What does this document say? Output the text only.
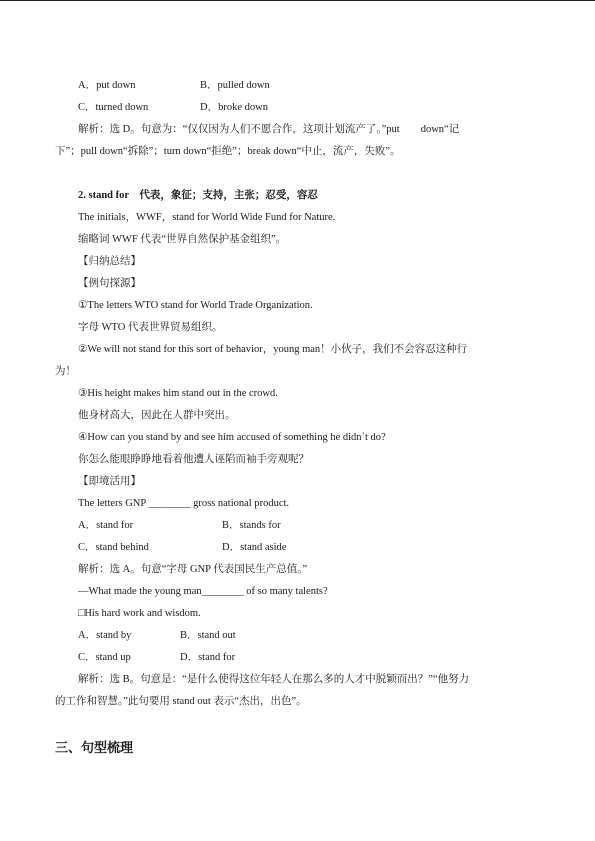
A．put down	B．pulled down
C．turned down	D．broke down
解析：选 D。句意为：“仅仅因为人们不愿合作，这项计划流产了。”put　　down“记
下”；pull down“拆除”；turn down“拒绝”；break down“中止，流产，失败”。
2. stand for　代表，象征；支持，主张；忍受，容忍
The initials，WWF，stand for World Wide Fund for Nature.
缩略词 WWF 代表“世界自然保护基金组织”。
【归纳总结】
【例句探源】
①The letters WTO stand for World Trade Organization.
字母 WTO 代表世界贸易组织。
②We will not stand for this sort of behavior，young man！小伙子，我们不会容忍这种行
为！
③His height makes him stand out in the crowd.
他身材高大，因此在人群中突出。
④How can you stand by and see him accused of something he didn᾽t do?
你怎么能眼睁睁地看着他遭人诬陷而袖手旁观呢？
【即境活用】
The letters GNP ________ gross national product.
A．stand for	B．stands for
C．stand behind	D．stand aside
解析：选 A。句意“字母 GNP 代表国民生产总值。”
—What made the young man________ of so many talents?
□His hard work and wisdom.
A．stand by	B．stand out
C．stand up	D．stand for
解析：选 B。句意是：“是什么使得这位年轻人在那么多的人才中脱颖而出？”“他努力
的工作和智慧。”此句要用 stand out 表示“杰出，出色”。
三、句型梳理
